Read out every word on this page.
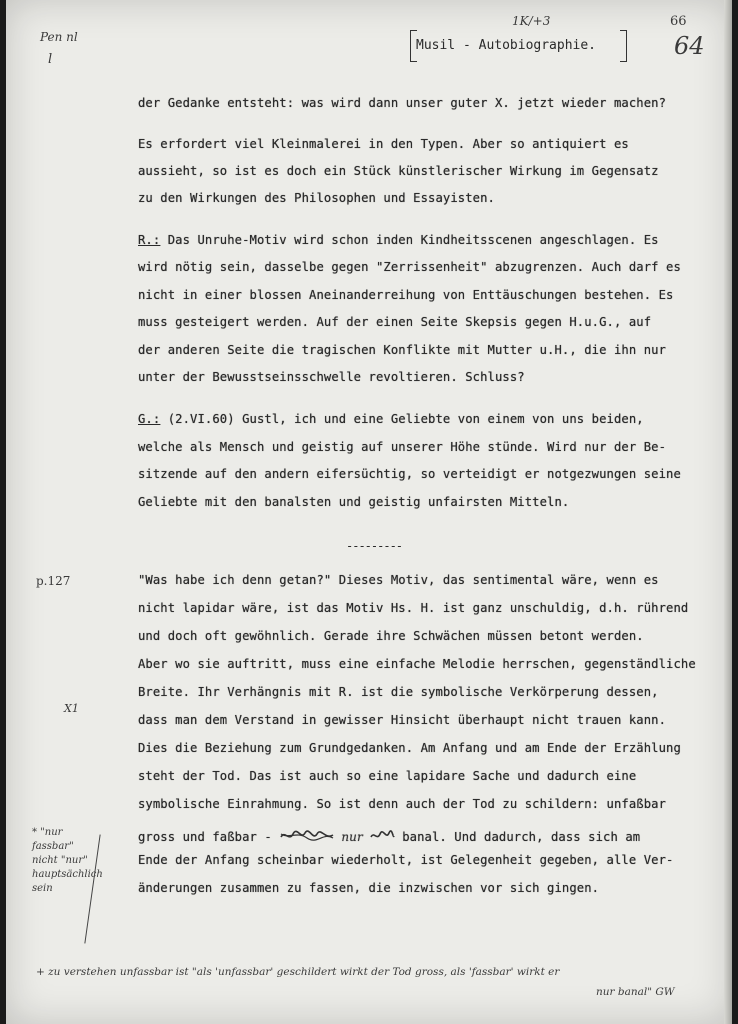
Pen nl
l
1K/+3	66
64
Musil - Autobiographie.
der Gedanke entsteht: was wird dann unser guter X. jetzt wieder machen?
Es erfordert viel Kleinmalerei in den Typen. Aber so antiquiert es
aussieht, so ist es doch ein Stück künstlerischer Wirkung im Gegensatz
zu den Wirkungen des Philosophen und Essayisten.
R.: Das Unruhe-Motiv wird schon inden Kindheitsscenen angeschlagen. Es
wird nötig sein, dasselbe gegen "Zerrissenheit" abzugrenzen. Auch darf es
nicht in einer blossen Aneinanderreihung von Enttäuschungen bestehen. Es
muss gesteigert werden. Auf der einen Seite Skepsis gegen H.u.G., auf
der anderen Seite die tragischen Konflikte mit Mutter u.H., die ihn nur
unter der Bewusstseinsschwelle revoltieren. Schluss?
G.: (2.VI.60) Gustl, ich und eine Geliebte von einem von uns beiden,
welche als Mensch und geistig auf unserer Höhe stünde. Wird nur der Be-
sitzende auf den andern eifersüchtig, so verteidigt er notgezwungen seine
Geliebte mit den banalsten und geistig unfairsten Mitteln.
---------
p.127
X1
"Was habe ich denn getan?" Dieses Motiv, das sentimental wäre, wenn es
nicht lapidar wäre, ist das Motiv Hs. H. ist ganz unschuldig, d.h. rührend
und doch oft gewöhnlich. Gerade ihre Schwächen müssen betont werden.
Aber wo sie auftritt, muss eine einfache Melodie herrschen, gegenständliche
Breite. Ihr Verhängnis mit R. ist die symbolische Verkörperung dessen,
dass man dem Verstand in gewisser Hinsicht überhaupt nicht trauen kann.
Dies die Beziehung zum Grundgedanken. Am Anfang und am Ende der Erzählung
steht der Tod. Das ist auch so eine lapidare Sache und dadurch eine
symbolische Einrahmung. So ist denn auch der Tod zu schildern: unfaßbar
gross und faßbar -	nur	banal. Und dadurch, dass sich am
Ende der Anfang scheinbar wiederholt, ist Gelegenheit gegeben, alle Ver-
änderungen zusammen zu fassen, die inzwischen vor sich gingen.
* "nur
fassbar"
nicht "nur"
hauptsächlich
sein
+ zu verstehen unfassbar ist "als 'unfassbar' geschildert wirkt der Tod gross, als 'fassbar' wirkt er
nur banal" GW
